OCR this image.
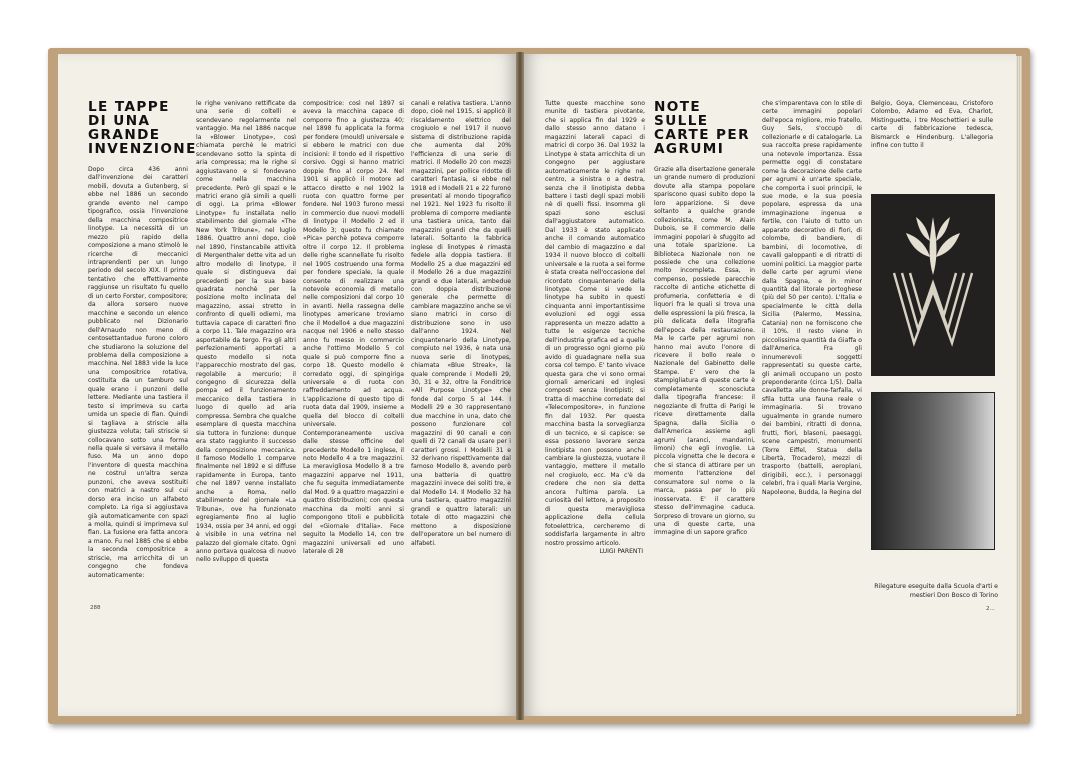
LE TAPPE DI UNA GRANDE INVENZIONE

Dopo circa 436 anni dall'invenzione dei caratteri mobili, dovuta a Gutenberg, si ebbe nel 1886 un secondo grande evento nel campo tipografico, ossia l'invenzione della macchina compositrice linotype. La necessità di un mezzo più rapido della composizione a mano stimolò le ricerche di meccanici intraprendenti per un lungo periodo del secolo XIX. Il primo tentativo che effettivamente raggiunse un risultato fu quello di un certo Forster, compositore; da allora sorsero nuove macchine e secondo un elenco pubblicato nel Dizionario dell'Arnaudo non meno di centosettantadue furono coloro che studiarono la soluzione del problema della composizione a macchina. Nel 1883 vide la luce una compositrice rotativa, costituita da un tamburo sul quale erano i punzoni delle lettere. Mediante una tastiera il testo si imprimeva su carta umida un specie di flan. Quindi si tagliava a striscie alla giustezza voluta; tali striscie si collocavano sotto una forma nella quale si versava il metallo fuso. Ma un anno dopo l'inventore di questa macchina ne costruì un'altra senza punzoni, che aveva sostituiti con matrici a nastro sul cui dorso era inciso un alfabeto completo. La riga si aggiustava già automaticamente con spazi a molla, quindi si imprimeva sul flan. La fusione era fatta ancora a mano. Fu nel 1885 che si ebbe la seconda compositrice a striscie, ma arricchita di un congegno che fondeva automaticamente:

le righe venivano rettificate da una serie di coltelli e scendevano regolarmente nel vantaggio. Ma nel 1886 nacque la «Blower Linotype», così chiamata perchè le matrici scendevano sotto la spinta di aria compressa; ma le righe si aggiustavano e si fondevano come nella macchina precedente. Però gli spazi e le matrici erano già simili a quelli di oggi. La prima «Blower Linotype» fu installata nello stabilimento del giornale «The New York Tribune», nel luglio 1886. Quattro anni dopo, cioè nel 1890, l'instancabile attività di Mergenthaler dette vita ad un altro modello di linotype, il quale si distingueva dai precedenti per la sua base quadrata nonchè per la posizione molto inclinata del magazzino, assai stretto in confronto di quelli odierni, ma tuttavia capace di caratteri fino a corpo 11. Tale magazzino era asportabile da tergo. Fra gli altri perfezionamenti apportati a questo modello si nota l'apparecchio mostrato del gas, regolabile a mercurio; il congegno di sicurezza della pompa ed il funzionamento meccanico della tastiera in luogo di quello ad aria compressa. Sembra che qualche esemplare di questa macchina sia tuttora in funzione: dunque era stato raggiunto il successo della composizione meccanica. Il famoso Modello 1 comparve finalmente nel 1892 e si diffuse rapidamente in Europa, tanto che nel 1897 venne installato anche a Roma, nello stabilimento del giornale «La Tribuna», ove ha funzionato egregiamente fino al luglio 1934, ossia per 34 anni, ed oggi è visibile in una vetrina nel palazzo del giornale citato. Ogni anno portava qualcosa di nuovo nello sviluppo di questa

compositrice: così nel 1897 si aveva la macchina capace di comporre fino a giustezza 40; nel 1898 fu applicata la forma per fondere (mould) universale e si ebbero le matrici con due incisioni: il tondo ed il rispettivo corsivo. Oggi si hanno matrici doppie fino al corpo 24. Nel 1901 si applicò il motore ad attacco diretto e nel 1902 la ruota con quattro forme per fondere. Nel 1903 furono messi in commercio due nuovi modelli di linotype il Modello 2 ed il Modello 3; questo fu chiamato «Pica» perchè poteva comporre oltre il corpo 12. Il problema delle righe scannellate fu risolto nel 1905 costruendo una forma per fondere speciale, la quale consente di realizzare una notevole economia di metallo nelle composizioni dal corpo 10 in avanti. Nella rassegna delle linotypes americane troviamo che il Modello4 a due magazzini nacque nel 1906 e nello stesso anno fu messo in commercio anche l'ottimo Modello 5 col quale si può comporre fino a corpo 18. Questo modello è corredato oggi, di spingiriga universale e di ruota con raffreddamento ad acqua. L'applicazione di questo tipo di ruota data dal 1909, insieme a quella del blocco di coltelli universale. Contemporaneamente usciva dalle stesse officine del precedente Modello 1 inglese, il noto Modello 4 a tre magazzini. La meravigliosa Modello 8 a tre magazzini apparve nel 1911, che fu seguita immediatamente dal Mod. 9 a quattro magazzini e quattro distribuzioni; con questa macchina da molti anni si compongono titoli e pubblicità del «Giornale d'Italia». Fece seguito la Modello 14, con tre magazzini universali ed uno laterale di 28

canali e relativa tastiera. L'anno dopo, cioè nel 1915, si applicò il riscaldamento elettrico del crogiuolo e nel 1917 il nuovo sistema di distribuzione rapida che aumenta dal 20% l'efficienza di una serie di matrici. Il Modello 20 con mezzi magazzini, per pollice ridotte di caratteri fantasia, si ebbe nel 1918 ed i Modelli 21 e 22 furono presentati al mondo tipografico nel 1921. Nel 1923 fu risolto il problema di comporre mediante una tastiera unica, tanto dai magazzini grandi che da quelli laterali. Soltanto la fabbrica inglese di linotypes è rimasta fedele alla doppia tastiera. Il Modello 25 a due magazzini ed il Modello 26 a due magazzini grandi e due laterali, ambedue con doppia distribuzione generale che permette di cambiare magazzino anche se vi siano matrici in corso di distribuzione sono in uso dall'anno 1924. Nel cinquantenario della Linotype, compiuto nel 1936, è nata una nuova serie di linotypes, chiamata «Blue Streak», la quale comprende i Modelli 29, 30, 31 e 32, oltre la Fonditrice «All Purpose Linotype» che fonde dal corpo 5 al 144. I Modelli 29 e 30 rappresentano due macchine in una, dato che possono funzionare col magazzini di 90 canali e con quelli di 72 canali da usare per i caratteri grossi. I Modelli 31 e 32 derivano rispettivamente dal famoso Modello 8, avendo però una batteria di quattro magazzini invece dei soliti tre, e dal Modello 14. Il Modello 32 ha una tastiera, quattro magazzini grandi e quattro laterali: un totale di otto magazzini che mettono a disposizione dell'operatore un bel numero di alfabeti.

288

Tutte queste macchine sono munite di tastiera pivotante, che si applica fin dal 1929 e dallo stesso anno datano i magazzini laterali capaci di matrici di corpo 36. Dal 1932 la Linotype è stata arricchita di un congegno per aggiustare automaticamente le righe nel centro, a sinistra o a destra, senza che il linotipista debba battere i tasti degli spazi mobili nè di quelli fissi. Insomma gli spazi sono esclusi dall'aggiustatore automatico. Dal 1933 è stato applicato anche il comando automatico del cambio di magazzino e dal 1934 il nuovo blocco di coltelli universale e la ruota a sei forme è stata creata nell'occasione del ricordato cinquantenario della linotype. Come si vede la linotype ha subito in questi cinquanta anni importantissime evoluzioni ed oggi essa rappresenta un mezzo adatto a tutte le esigenze tecniche dell'industria grafica ed a quelle di un progresso ogni giorno più avido di guadagnare nella sua corsa col tempo. E' tanto vivace questa gara che vi sono ormai giornali americani ed inglesi composti senza linotipisti; si tratta di macchine corredate del «Telecompositore», in funzione fin dal 1932. Per questa macchina basta la sorveglianza di un tecnico, e si capisce: se essa possono lavorare senza linotipista non possono anche cambiare la giustezza, vuotare il vantaggio, mettere il metallo nel crogiuolo, ecc. Ma c'è da credere che non sia detta ancora l'ultima parola. La curiosità del lettore, a proposito di questa meravigliosa applicazione della cellula fotoelettrica, cercheremo di soddisfarla largamente in altro nostro prossimo articolo.

LUIGI PARENTI

NOTE SULLE CARTE PER AGRUMI

Grazie alla disertazione generale un grande numero di produzioni dovute alla stampa popolare spariscono quasi subito dopo la loro apparizione. Si deve soltanto a qualche grande collezionista, come M. Alain Dubois, se il commercio delle immagini popolari è sfuggito ad una totale sparizione. La Biblioteca Nazionale non ne possiede che una collezione molto incompleta. Essa, in compenso, possiede parecchie raccolte di antiche etichette di profumeria, confetteria e di liquori fra le quali si trova una delle espressioni la più fresca, la più delicata della litografia dell'epoca della restaurazione. Ma le carte per agrumi non hanno mai avuto l'onore di ricevere il bollo reale o Nazionale del Gabinetto delle Stampe. E' vero che la stampigliatura di queste carte è completamente sconosciuta dalla tipografia francese: il negoziante di frutta di Parigi le riceve direttamente dalla Spagna, dalla Sicilia o dall'America assieme agli agrumi (aranci, mandarini, limoni) che egli invoglie. La piccola vignetta che le decora e che si stanca di attirare per un momento l'attenzione del consumatore sul nome o la marca, passa per lo più inosservata. E' il carattere stesso dell'immagine caduca. Sorpreso di trovare un giorno, su una di queste carte, una immagine di un sapore grafico

che s'imparentava con lo stile di certe immagini popolari dell'epoca migliore, mio fratello, Guy Sels, s'occupò di collezionarle e di catalogarle. La sua raccolta prese rapidamente una notevole importanza. Essa permette oggi di constatare come la decorazione delle carte per agrumi è un'arte speciale, che comporta i suoi principii, le sue mode, e la sua poesia popolare, espressa da una immaginazione ingenua e fertile, con l'aiuto di tutto un apparato decorativo di fiori, di colombe, di bandiere, di bambini, di locomotive, di cavalli galoppanti e di ritratti di uomini politici. La maggior parte delle carte per agrumi viene dalla Spagna, e in minor quantità dal litorale portoghese (più del 50 per cento). L'Italia e specialmente le città della Sicilia (Palermo, Messina, Catania) non ne forniscono che il 10%. Il resto viene in piccolissima quantità da Giaffa o dall'America. Fra gli innumerevoli soggetti rappresentati su queste carte, gli animali occupano un posto preponderante (circa 1/5). Dalla cavalletta alle donne-farfalla, vi sfila tutta una fauna reale o immaginaria. Si trovano ugualmente in grande numero dei bambini, ritratti di donna, frutti, fiori, blasoni, paesaggi, scene campestri, monumenti (Torre Eiffel, Statua della Libertà, Trocadero), mezzi di trasporto (battelli, aeroplani, dirigibili, ecc.), i personaggi celebri, fra i quali Maria Vergine, Napoleone, Budda, la Regina del

Belgio, Goya, Clemenceau, Cristoforo Colombo, Adamo ed Eva, Charlot, Mistinguette, i tre Moschettieri e sulle carte di fabbricazione tedesca, Bismarck e Hindenburg. L'allegoria infine con tutto il

Rilegature eseguite dalla Scuola d'arti e mestieri Don Bosco di Torino
2...
